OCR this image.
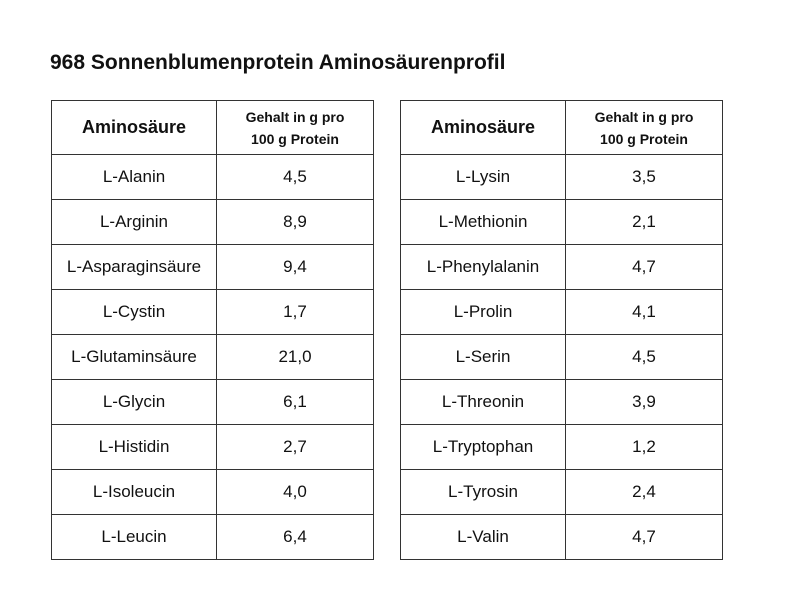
968 Sonnenblumenprotein Aminosäurenprofil
Aminosäure	Gehalt in g pro
100 g Protein

L-Alanin	4,5
L-Arginin	8,9
L-Asparaginsäure	9,4
L-Cystin	1,7
L-Glutaminsäure	21,0
L-Glycin	6,1
L-Histidin	2,7
L-Isoleucin	4,0
L-Leucin	6,4
Aminosäure	Gehalt in g pro
100 g Protein

L-Lysin	3,5
L-Methionin	2,1
L-Phenylalanin	4,7
L-Prolin	4,1
L-Serin	4,5
L-Threonin	3,9
L-Tryptophan	1,2
L-Tyrosin	2,4
L-Valin	4,7
